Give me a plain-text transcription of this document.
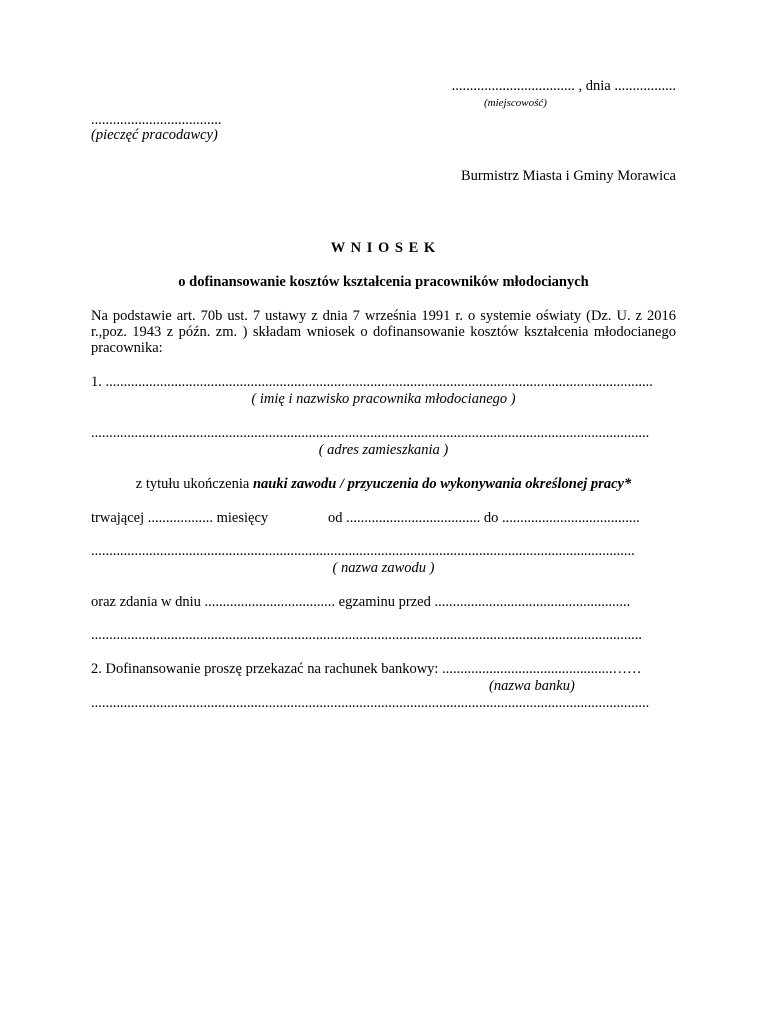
.................................. , dnia .................
(miejscowość)
....................................
(pieczęć pracodawcy)
Burmistrz Miasta i Gminy Morawica
W N I O S E K
o dofinansowanie kosztów kształcenia pracowników młodocianych
Na podstawie art. 70b ust. 7 ustawy z dnia 7 września 1991 r. o systemie oświaty (Dz. U. z 2016 r.,poz. 1943 z późn. zm. ) składam wniosek o dofinansowanie kosztów kształcenia młodocianego pracownika:
1. .......................................................................................................................................................
( imię i nazwisko pracownika młodocianego )
..........................................................................................................................................................
( adres zamieszkania )
z tytułu ukończenia nauki zawodu / przyuczenia do wykonywania określonej pracy*
trwającej .................. miesięcy	od ..................................... do ......................................
......................................................................................................................................................
( nazwa zawodu )
oraz zdania w dniu .................................... egzaminu przed ......................................................
........................................................................................................................................................
2. Dofinansowanie proszę przekazać na rachunek bankowy: ...............................................……
(nazwa banku)
..........................................................................................................................................................
